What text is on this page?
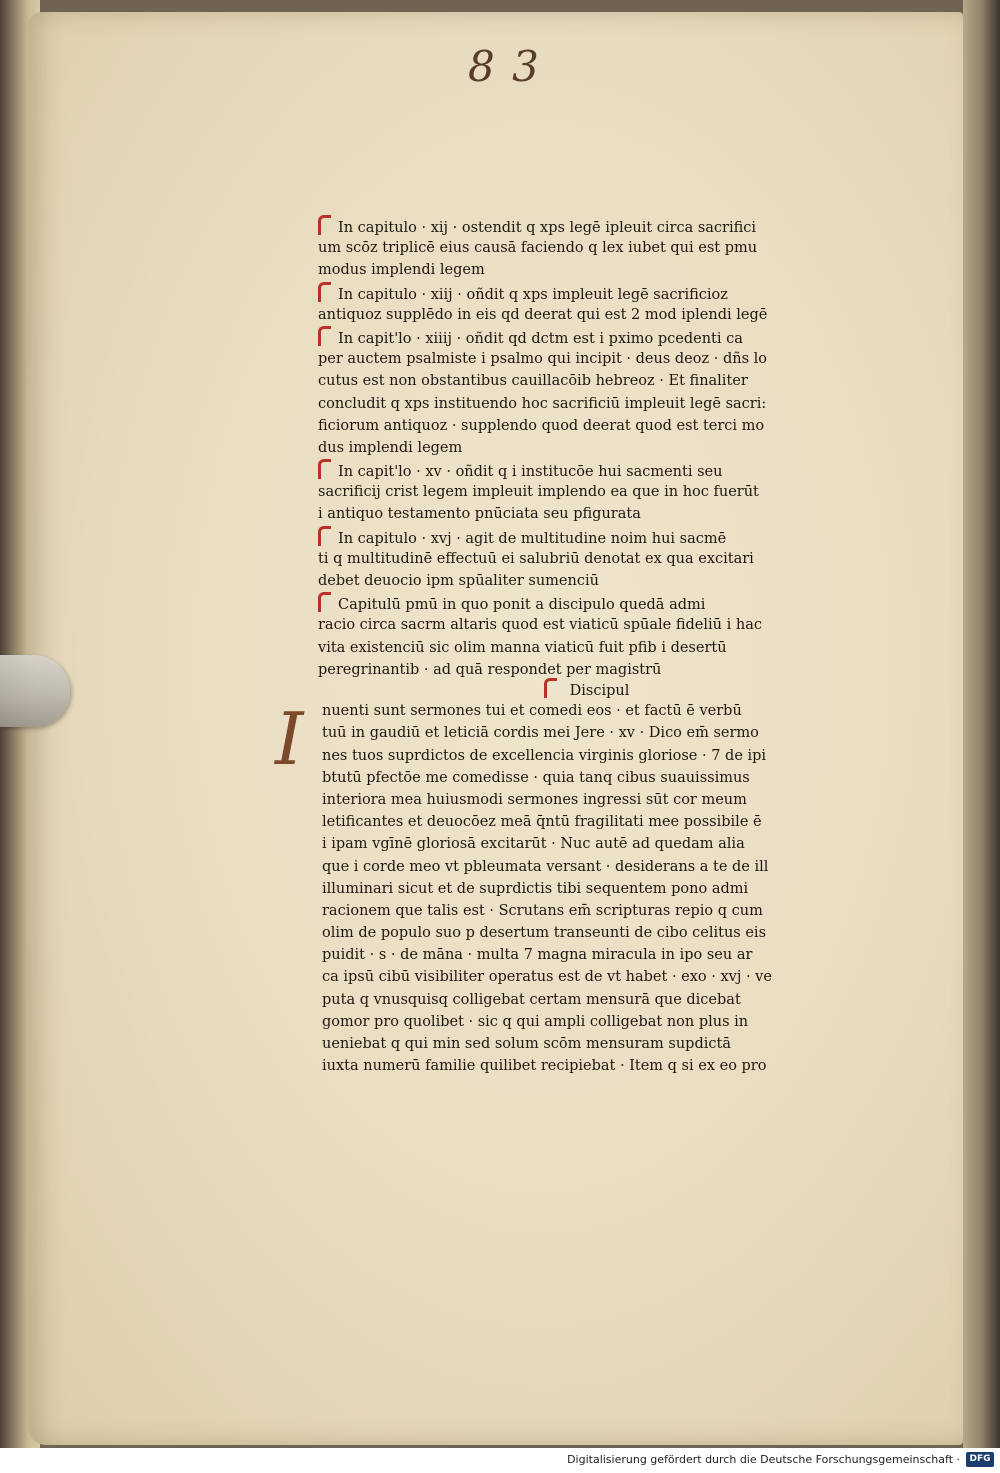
8 3
In capitulo · xij · ostendit q xps legē ipleuit circa sacrifici
um scōz triplicē eius causā faciendo q lex iubet qui est pmu
modus implendi legem
In capitulo · xiij · oñdit q xps impleuit legē sacrificioz
antiquoz supplēdo in eis qd deerat qui est 2 mod iplendi legē
In capit'lo · xiiij · oñdit qd dctm est i pximo pcedenti ca
per auctem psalmiste i psalmo qui incipit · deus deoz · dñs lo
cutus est non obstantibus cauillacōib hebreoz · Et finaliter
concludit q xps instituendo hoc sacrificiū impleuit legē sacri:
ficiorum antiquoz · supplendo quod deerat quod est terci mo
dus implendi legem
In capit'lo · xv · oñdit q i institucōe hui sacmenti seu
sacrificij crist legem impleuit implendo ea que in hoc fuerūt
i antiquo testamento pnūciata seu pfigurata
In capitulo · xvj · agit de multitudine noim hui sacmē
ti q multitudinē effectuū ei salubriū denotat ex qua excitari
debet deuocio ipm spūaliter sumenciū
Capitulū pmū in quo ponit a discipulo quedā admi
racio circa sacrm altaris quod est viaticū spūale fideliū i hac
vita existenciū sic olim manna viaticū fuit pfib i desertū
peregrinantib · ad quā respondet per magistrū
I
Discipul
nuenti sunt sermones tui et comedi eos · et factū ē verbū
tuū in gaudiū et leticiā cordis mei Jere · xv · Dico em̄ sermo
nes tuos suprdictos de excellencia virginis gloriose · 7 de ipi
btutū pfectōe me comedisse · quia tanq cibus suauissimus
interiora mea huiusmodi sermones ingressi sūt cor meum
letificantes et deuocōez meā q̄ntū fragilitati mee possibile ē
i ipam vgīnē gloriosā excitarūt · Nuc autē ad quedam alia
que i corde meo vt pbleumata versant · desiderans a te de ill
illuminari sicut et de suprdictis tibi sequentem pono admi
racionem que talis est · Scrutans em̄ scripturas repio q cum
olim de populo suo p desertum transeunti de cibo celitus eis
puidit · s · de māna · multa 7 magna miracula in ipo seu ar
ca ipsū cibū visibiliter operatus est de vt habet · exo · xvj · ve
puta q vnusquisq colligebat certam mensurā que dicebat
gomor pro quolibet · sic q qui ampli colligebat non plus in
ueniebat q qui min sed solum scōm mensuram supdictā
iuxta numerū familie quilibet recipiebat · Item q si ex eo pro
Digitalisierung gefördert durch die Deutsche Forschungsgemeinschaft ·	DFG
